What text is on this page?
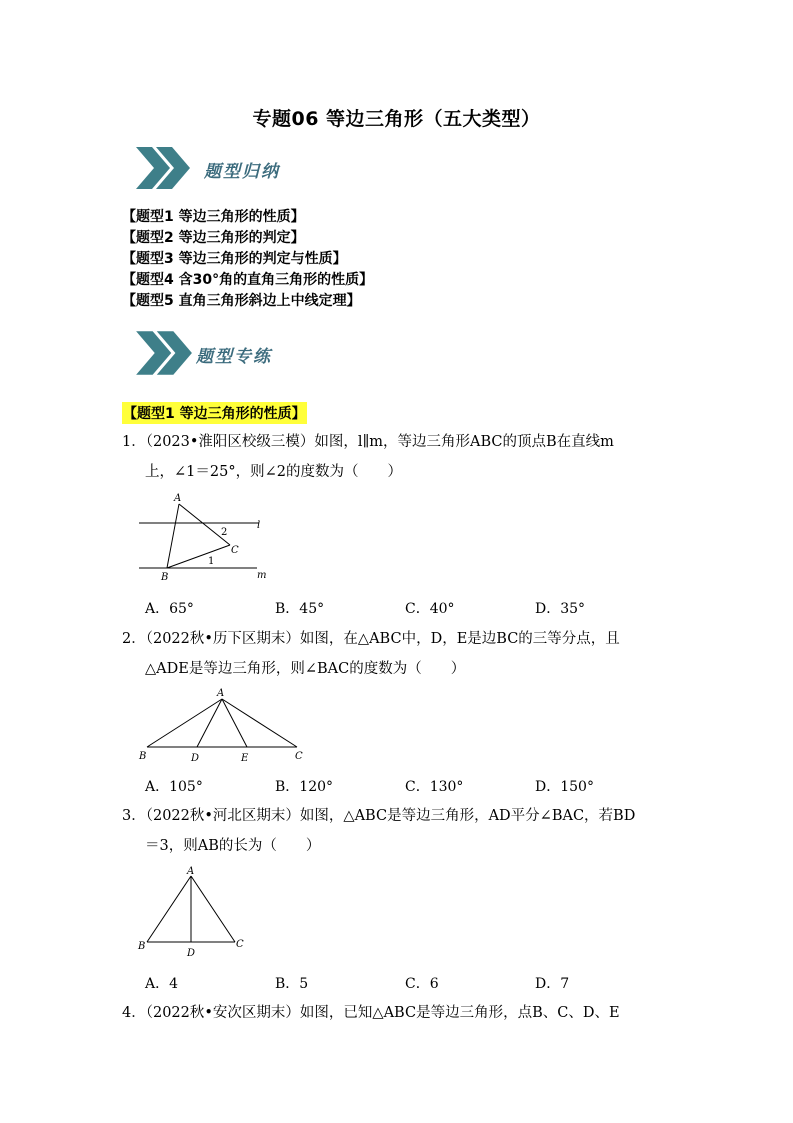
专题06 等边三角形（五大类型）
题型归纳
【题型1 等边三角形的性质】
【题型2 等边三角形的判定】
【题型3 等边三角形的判定与性质】
【题型4 含30°角的直角三角形的性质】
【题型5 直角三角形斜边上中线定理】
题型专练
【题型1 等边三角形的性质】
1．（2023•淮阳区校级三模）如图，l∥m，等边三角形ABC的顶点B在直线m
上，∠1＝25°，则∠2的度数为（　　）
A
B
C
l
m
1
2
A．65°	B．45°	C．40°	D．35°
2．（2022秋•历下区期末）如图，在△ABC中，D，E是边BC的三等分点，且
△ADE是等边三角形，则∠BAC的度数为（　　）
A
B	D	E	C
A．105°	B．120°	C．130°	D．150°
3．（2022秋•河北区期末）如图，△ABC是等边三角形，AD平分∠BAC，若BD
＝3，则AB的长为（　　）
A
B
D
C
A．4	B．5	C．6	D．7
4．（2022秋•安次区期末）如图，已知△ABC是等边三角形，点B、C、D、E
